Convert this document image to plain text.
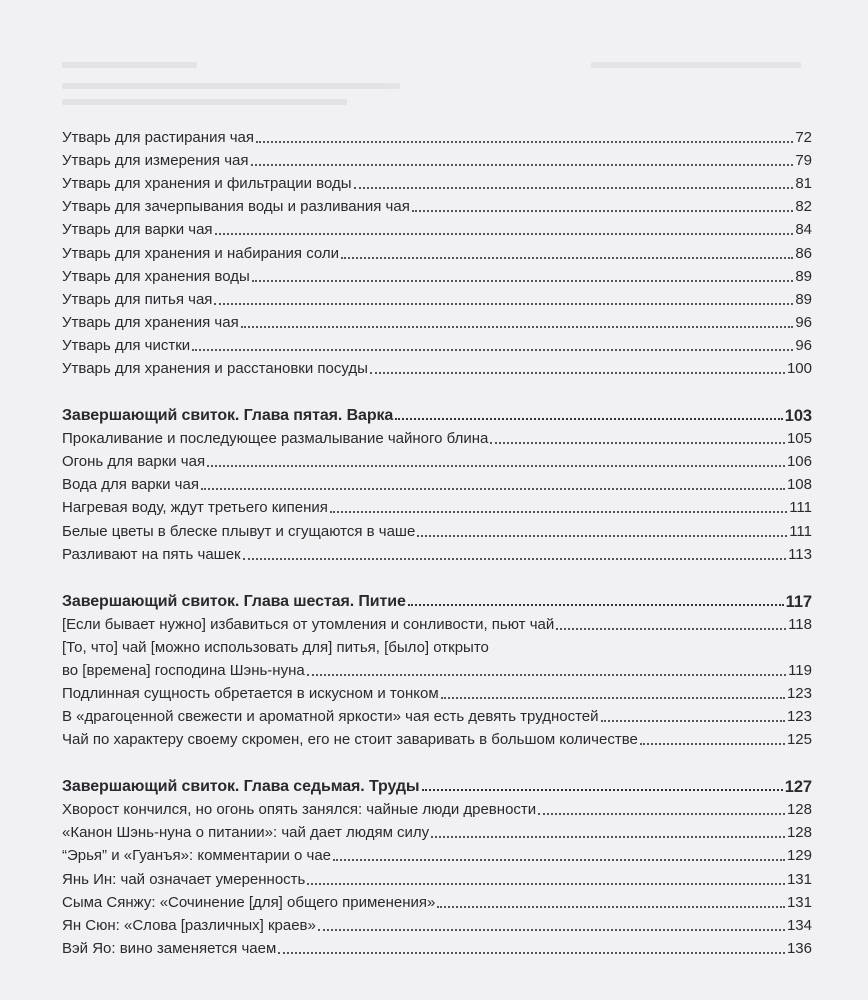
Утварь для растирания чая	72
Утварь для измерения чая	79
Утварь для хранения и фильтрации воды	81
Утварь для зачерпывания воды и разливания чая	82
Утварь для варки чая	84
Утварь для хранения и набирания соли	86
Утварь для хранения воды	89
Утварь для питья чая	89
Утварь для хранения чая	96
Утварь для чистки	96
Утварь для хранения и расстановки посуды	100
Завершающий свиток. Глава пятая. Варка	103
Прокаливание и последующее размалывание чайного блина	105
Огонь для варки чая	106
Вода для варки чая	108
Нагревая воду, ждут третьего кипения	111
Белые цветы в блеске плывут и сгущаются в чаше	111
Разливают на пять чашек	113
Завершающий свиток. Глава шестая. Питие	117
[Если бывает нужно] избавиться от утомления и сонливости, пьют чай	118
[То, что] чай [можно использовать для] питья, [было] открыто
во [времена] господина Шэнь-нуна	119
Подлинная сущность обретается в искусном и тонком	123
В «драгоценной свежести и ароматной яркости» чая есть девять трудностей	123
Чай по характеру своему скромен, его не стоит заваривать в большом количестве	125
Завершающий свиток. Глава седьмая. Труды	127
Хворост кончился, но огонь опять занялся: чайные люди древности	128
«Канон Шэнь-нуна о питании»: чай дает людям силу	128
“Эрья” и «Гуанъя»: комментарии о чае	129
Янь Ин: чай означает умеренность	131
Сыма Сянжу: «Сочинение [для] общего применения»	131
Ян Сюн: «Слова [различных] краев»	134
Вэй Яо: вино заменяется чаем	136
